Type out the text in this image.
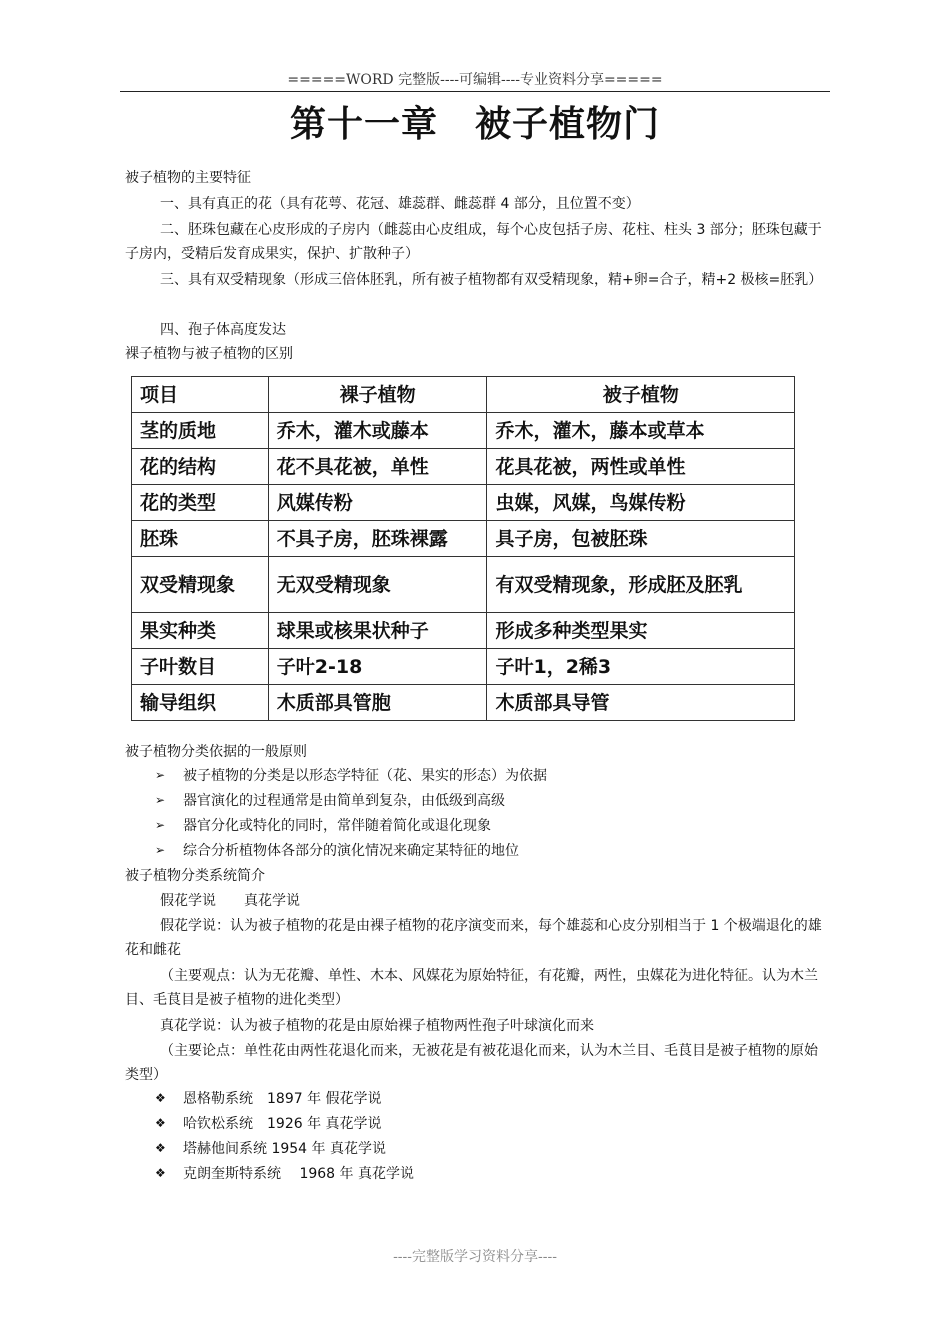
=====WORD 完整版----可编辑----专业资料分享=====
第十一章　被子植物门
被子植物的主要特征
一、具有真正的花（具有花萼、花冠、雄蕊群、雌蕊群 4 部分，且位置不变）
二、胚珠包藏在心皮形成的子房内（雌蕊由心皮组成，每个心皮包括子房、花柱、柱头 3 部分；胚珠包藏于子房内，受精后发育成果实，保护、扩散种子）
三、具有双受精现象（形成三倍体胚乳，所有被子植物都有双受精现象，精+卵=合子，精+2 极核=胚乳）
四、孢子体高度发达
裸子植物与被子植物的区别
项目	裸子植物	被子植物
茎的质地	乔木，灌木或藤本	乔木，灌木，藤本或草本
花的结构	花不具花被，单性	花具花被，两性或单性
花的类型	风媒传粉	虫媒，风媒，鸟媒传粉
胚珠	不具子房，胚珠裸露	具子房，包被胚珠
双受精现象	无双受精现象	有双受精现象，形成胚及胚乳
果实种类	球果或核果状种子	形成多种类型果实
子叶数目	子叶2-18	子叶1，2稀3
输导组织	木质部具管胞	木质部具导管
被子植物分类依据的一般原则
➢ 被子植物的分类是以形态学特征（花、果实的形态）为依据
➢ 器官演化的过程通常是由简单到复杂，由低级到高级
➢ 器官分化或特化的同时，常伴随着简化或退化现象
➢ 综合分析植物体各部分的演化情况来确定某特征的地位
被子植物分类系统简介
假花学说　　真花学说
假花学说：认为被子植物的花是由裸子植物的花序演变而来，每个雄蕊和心皮分别相当于 1 个极端退化的雄花和雌花
（主要观点：认为无花瓣、单性、木本、风媒花为原始特征，有花瓣，两性，虫媒花为进化特征。认为木兰目、毛茛目是被子植物的进化类型）
真花学说：认为被子植物的花是由原始裸子植物两性孢子叶球演化而来
（主要论点：单性花由两性花退化而来，无被花是有被花退化而来，认为木兰目、毛茛目是被子植物的原始类型）
❖ 恩格勒系统　1897 年 假花学说
❖ 哈钦松系统　1926 年 真花学说
❖ 塔赫他间系统 1954 年 真花学说
❖ 克朗奎斯特系统　 1968 年 真花学说
----完整版学习资料分享----
